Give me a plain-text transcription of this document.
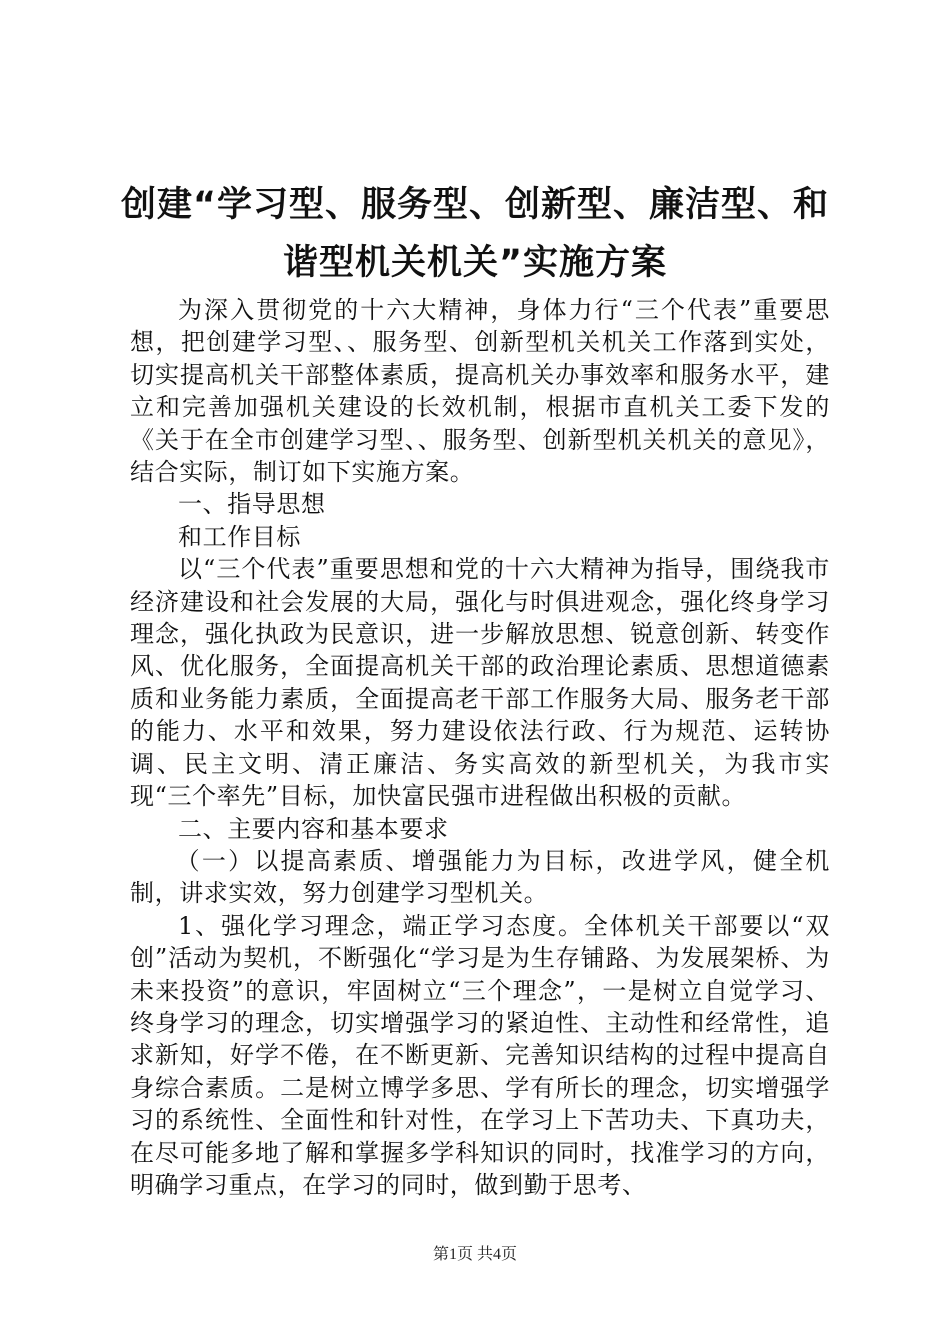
创建“学习型、服务型、创新型、廉洁型、和
谐型机关机关”实施方案

为深入贯彻党的十六大精神，身体力行“三个代表”重要思想，把创建学习型、、服务型、创新型机关机关工作落到实处，切实提高机关干部整体素质，提高机关办事效率和服务水平，建立和完善加强机关建设的长效机制，根据市直机关工委下发的《关于在全市创建学习型、、服务型、创新型机关机关的意见》，结合实际，制订如下实施方案。

一、指导思想

和工作目标

以“三个代表”重要思想和党的十六大精神为指导，围绕我市经济建设和社会发展的大局，强化与时俱进观念，强化终身学习理念，强化执政为民意识，进一步解放思想、锐意创新、转变作风、优化服务，全面提高机关干部的政治理论素质、思想道德素质和业务能力素质，全面提高老干部工作服务大局、服务老干部的能力、水平和效果，努力建设依法行政、行为规范、运转协调、民主文明、清正廉洁、务实高效的新型机关，为我市实现“三个率先”目标，加快富民强市进程做出积极的贡献。

二、主要内容和基本要求

（一）以提高素质、增强能力为目标，改进学风，健全机制，讲求实效，努力创建学习型机关。

1、强化学习理念，端正学习态度。全体机关干部要以“双创”活动为契机，不断强化“学习是为生存铺路、为发展架桥、为未来投资”的意识，牢固树立“三个理念”，一是树立自觉学习、终身学习的理念，切实增强学习的紧迫性、主动性和经常性，追求新知，好学不倦，在不断更新、完善知识结构的过程中提高自身综合素质。二是树立博学多思、学有所长的理念，切实增强学习的系统性、全面性和针对性，在学习上下苦功夫、下真功夫，在尽可能多地了解和掌握多学科知识的同时，找准学习的方向，明确学习重点，在学习的同时，做到勤于思考、

第1页 共4页
